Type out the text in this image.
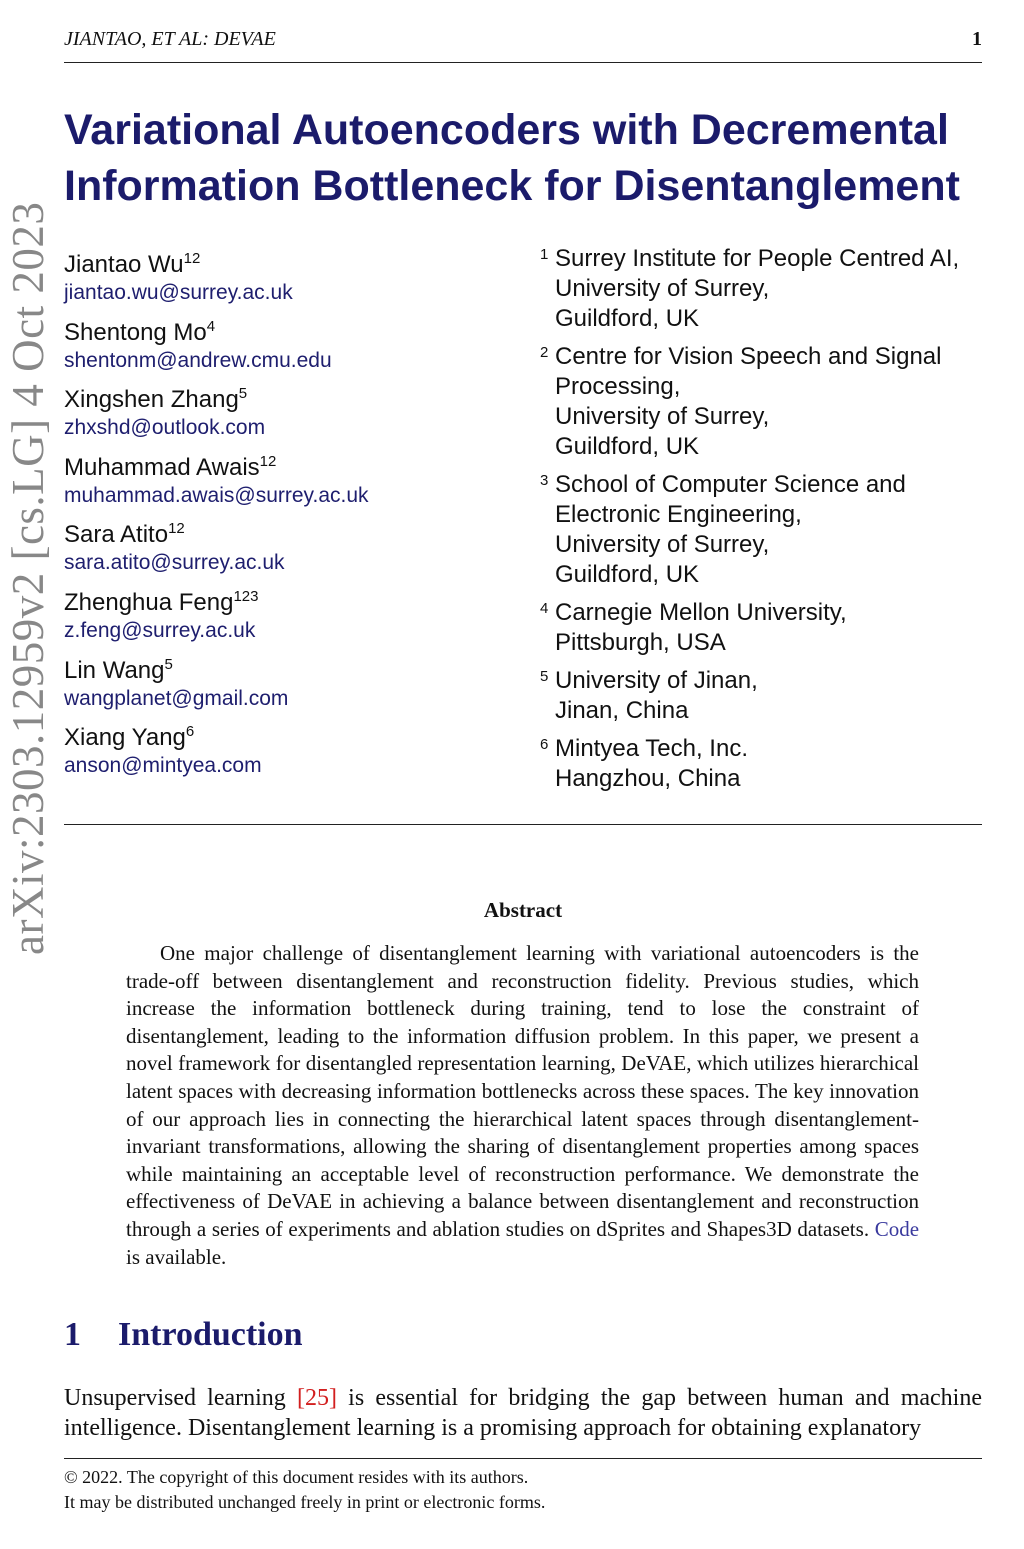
JIANTAO, ET AL: DEVAE	1
arXiv:2303.12959v2 [cs.LG] 4 Oct 2023
Variational Autoencoders with Decremental
Information Bottleneck for Disentanglement
Jiantao Wu$^{12}$
jiantao.wu@surrey.ac.uk
Shentong Mo$^4$
shentonm@andrew.cmu.edu
Xingshen Zhang$^5$
zhxshd@outlook.com
Muhammad Awais$^{12}$
muhammad.awais@surrey.ac.uk
Sara Atito$^{12}$
sara.atito@surrey.ac.uk
Zhenghua Feng$^{123}$
z.feng@surrey.ac.uk
Lin Wang$^5$
wangplanet@gmail.com
Xiang Yang$^6$
anson@mintyea.com
1 Surrey Institute for People Centred AI,
University of Surrey,
Guildford, UK
2 Centre for Vision Speech and Signal
Processing,
University of Surrey,
Guildford, UK
3 School of Computer Science and
Electronic Engineering,
University of Surrey,
Guildford, UK
4 Carnegie Mellon University,
Pittsburgh, USA
5 University of Jinan,
Jinan, China
6 Mintyea Tech, Inc.
Hangzhou, China
Abstract
One major challenge of disentanglement learning with variational autoencoders is the trade-off between disentanglement and reconstruction fidelity. Previous studies, which increase the information bottleneck during training, tend to lose the constraint of disentanglement, leading to the information diffusion problem. In this paper, we present a novel framework for disentangled representation learning, DeVAE, which utilizes hierarchical latent spaces with decreasing information bottlenecks across these spaces. The key innovation of our approach lies in connecting the hierarchical latent spaces through disentanglement-invariant transformations, allowing the sharing of disentanglement properties among spaces while maintaining an acceptable level of reconstruction performance. We demonstrate the effectiveness of DeVAE in achieving a balance between disentanglement and reconstruction through a series of experiments and ablation studies on dSprites and Shapes3D datasets. Code is available.
1 Introduction
Unsupervised learning [25] is essential for bridging the gap between human and machine intelligence. Disentanglement learning is a promising approach for obtaining explanatory
© 2022. The copyright of this document resides with its authors.
It may be distributed unchanged freely in print or electronic forms.
